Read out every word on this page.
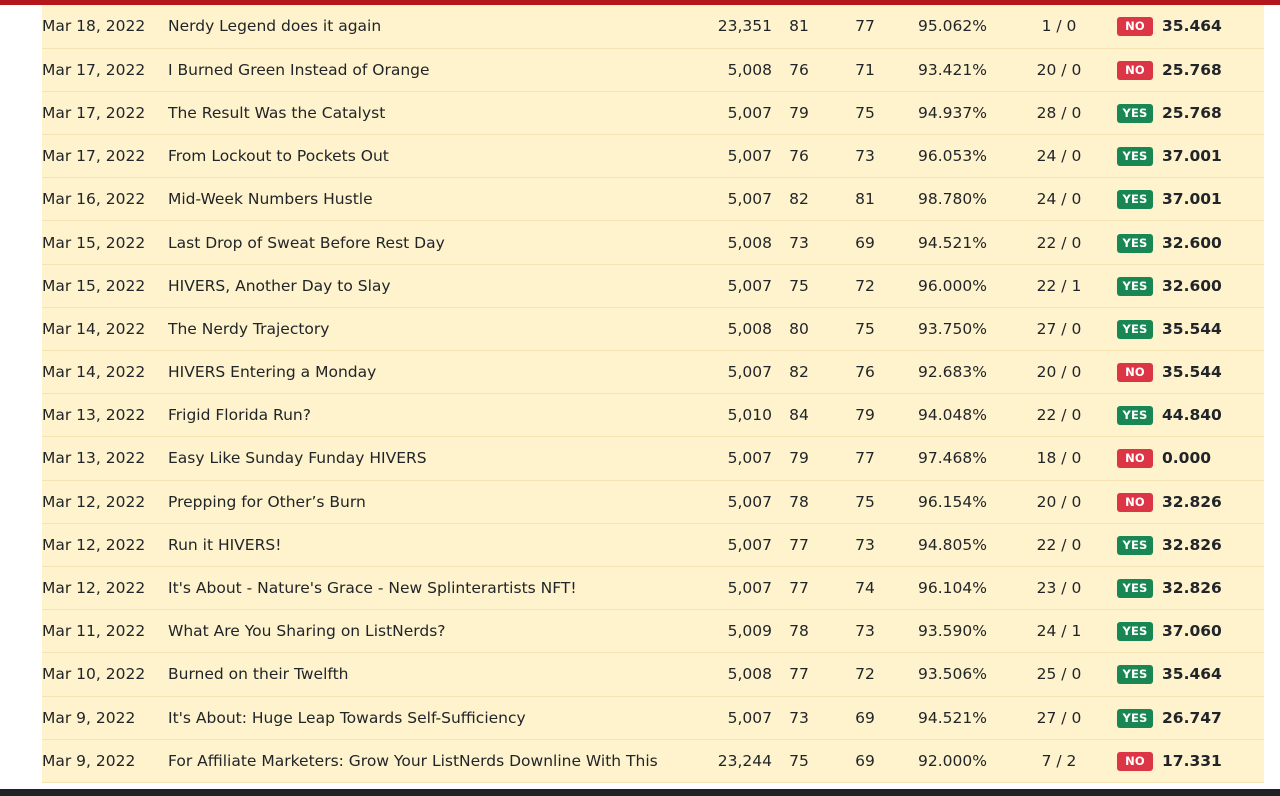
Mar 18, 2022	Nerdy Legend does it again	23,351	81	77	95.062%	1 / 0	NO	35.464
Mar 17, 2022	I Burned Green Instead of Orange	5,008	76	71	93.421%	20 / 0	NO	25.768
Mar 17, 2022	The Result Was the Catalyst	5,007	79	75	94.937%	28 / 0	YES	25.768
Mar 17, 2022	From Lockout to Pockets Out	5,007	76	73	96.053%	24 / 0	YES	37.001
Mar 16, 2022	Mid-Week Numbers Hustle	5,007	82	81	98.780%	24 / 0	YES	37.001
Mar 15, 2022	Last Drop of Sweat Before Rest Day	5,008	73	69	94.521%	22 / 0	YES	32.600
Mar 15, 2022	HIVERS, Another Day to Slay	5,007	75	72	96.000%	22 / 1	YES	32.600
Mar 14, 2022	The Nerdy Trajectory	5,008	80	75	93.750%	27 / 0	YES	35.544
Mar 14, 2022	HIVERS Entering a Monday	5,007	82	76	92.683%	20 / 0	NO	35.544
Mar 13, 2022	Frigid Florida Run?	5,010	84	79	94.048%	22 / 0	YES	44.840
Mar 13, 2022	Easy Like Sunday Funday HIVERS	5,007	79	77	97.468%	18 / 0	NO	0.000
Mar 12, 2022	Prepping for Other’s Burn	5,007	78	75	96.154%	20 / 0	NO	32.826
Mar 12, 2022	Run it HIVERS!	5,007	77	73	94.805%	22 / 0	YES	32.826
Mar 12, 2022	It's About - Nature's Grace - New Splinterartists NFT!	5,007	77	74	96.104%	23 / 0	YES	32.826
Mar 11, 2022	What Are You Sharing on ListNerds?	5,009	78	73	93.590%	24 / 1	YES	37.060
Mar 10, 2022	Burned on their Twelfth	5,008	77	72	93.506%	25 / 0	YES	35.464
Mar 9, 2022	It's About: Huge Leap Towards Self-Sufficiency	5,007	73	69	94.521%	27 / 0	YES	26.747
Mar 9, 2022	For Affiliate Marketers: Grow Your ListNerds Downline With This	23,244	75	69	92.000%	7 / 2	NO	17.331
